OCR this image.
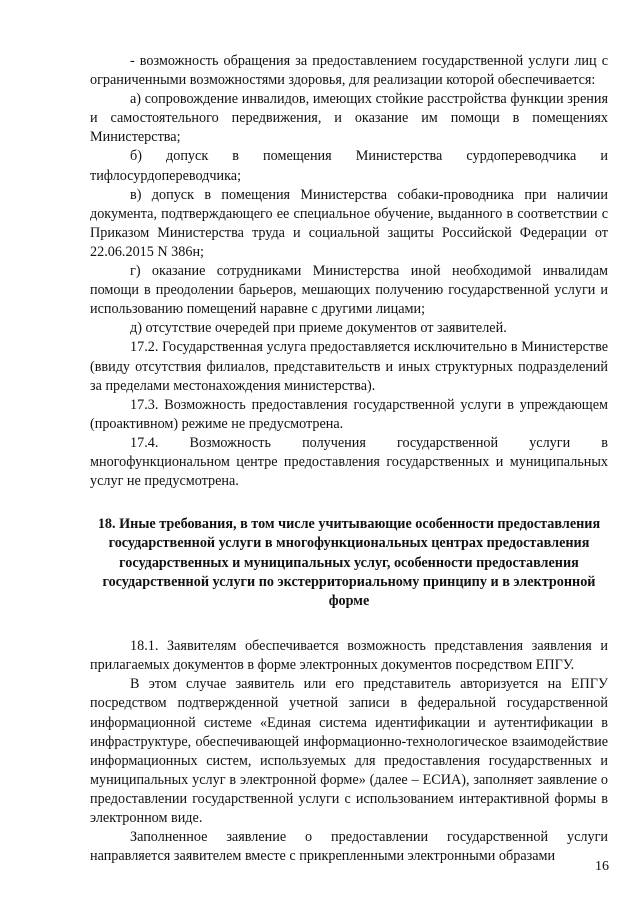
- возможность обращения за предоставлением государственной услуги лиц с ограниченными возможностями здоровья, для реализации которой обеспечивается:

а) сопровождение инвалидов, имеющих стойкие расстройства функции зрения и самостоятельного передвижения, и оказание им помощи в помещениях Министерства;

б) допуск в помещения Министерства сурдопереводчика и тифлосурдопереводчика;

в) допуск в помещения Министерства собаки-проводника при наличии документа, подтверждающего ее специальное обучение, выданного в соответствии с Приказом Министерства труда и социальной защиты Российской Федерации от 22.06.2015 N 386н;

г) оказание сотрудниками Министерства иной необходимой инвалидам помощи в преодолении барьеров, мешающих получению государственной услуги и использованию помещений наравне с другими лицами;

д) отсутствие очередей при приеме документов от заявителей.

17.2. Государственная услуга предоставляется исключительно в Министерстве (ввиду отсутствия филиалов, представительств и иных структурных подразделений за пределами местонахождения министерства).

17.3. Возможность предоставления государственной услуги в упреждающем (проактивном) режиме не предусмотрена.

17.4. Возможность получения государственной услуги в многофункциональном центре предоставления государственных и муниципальных услуг не предусмотрена.

18. Иные требования, в том числе учитывающие особенности предоставления государственной услуги в многофункциональных центрах предоставления государственных и муниципальных услуг, особенности предоставления государственной услуги по экстерриториальному принципу и в электронной форме

18.1. Заявителям обеспечивается возможность представления заявления и прилагаемых документов в форме электронных документов посредством ЕПГУ.

В этом случае заявитель или его представитель авторизуется на ЕПГУ посредством подтвержденной учетной записи в федеральной государственной информационной системе «Единая система идентификации и аутентификации в инфраструктуре, обеспечивающей информационно-технологическое взаимодействие информационных систем, используемых для предоставления государственных и муниципальных услуг в электронной форме» (далее – ЕСИА), заполняет заявление о предоставлении государственной услуги с использованием интерактивной формы в электронном виде.

Заполненное заявление о предоставлении государственной услуги направляется заявителем вместе с прикрепленными электронными образами

16
